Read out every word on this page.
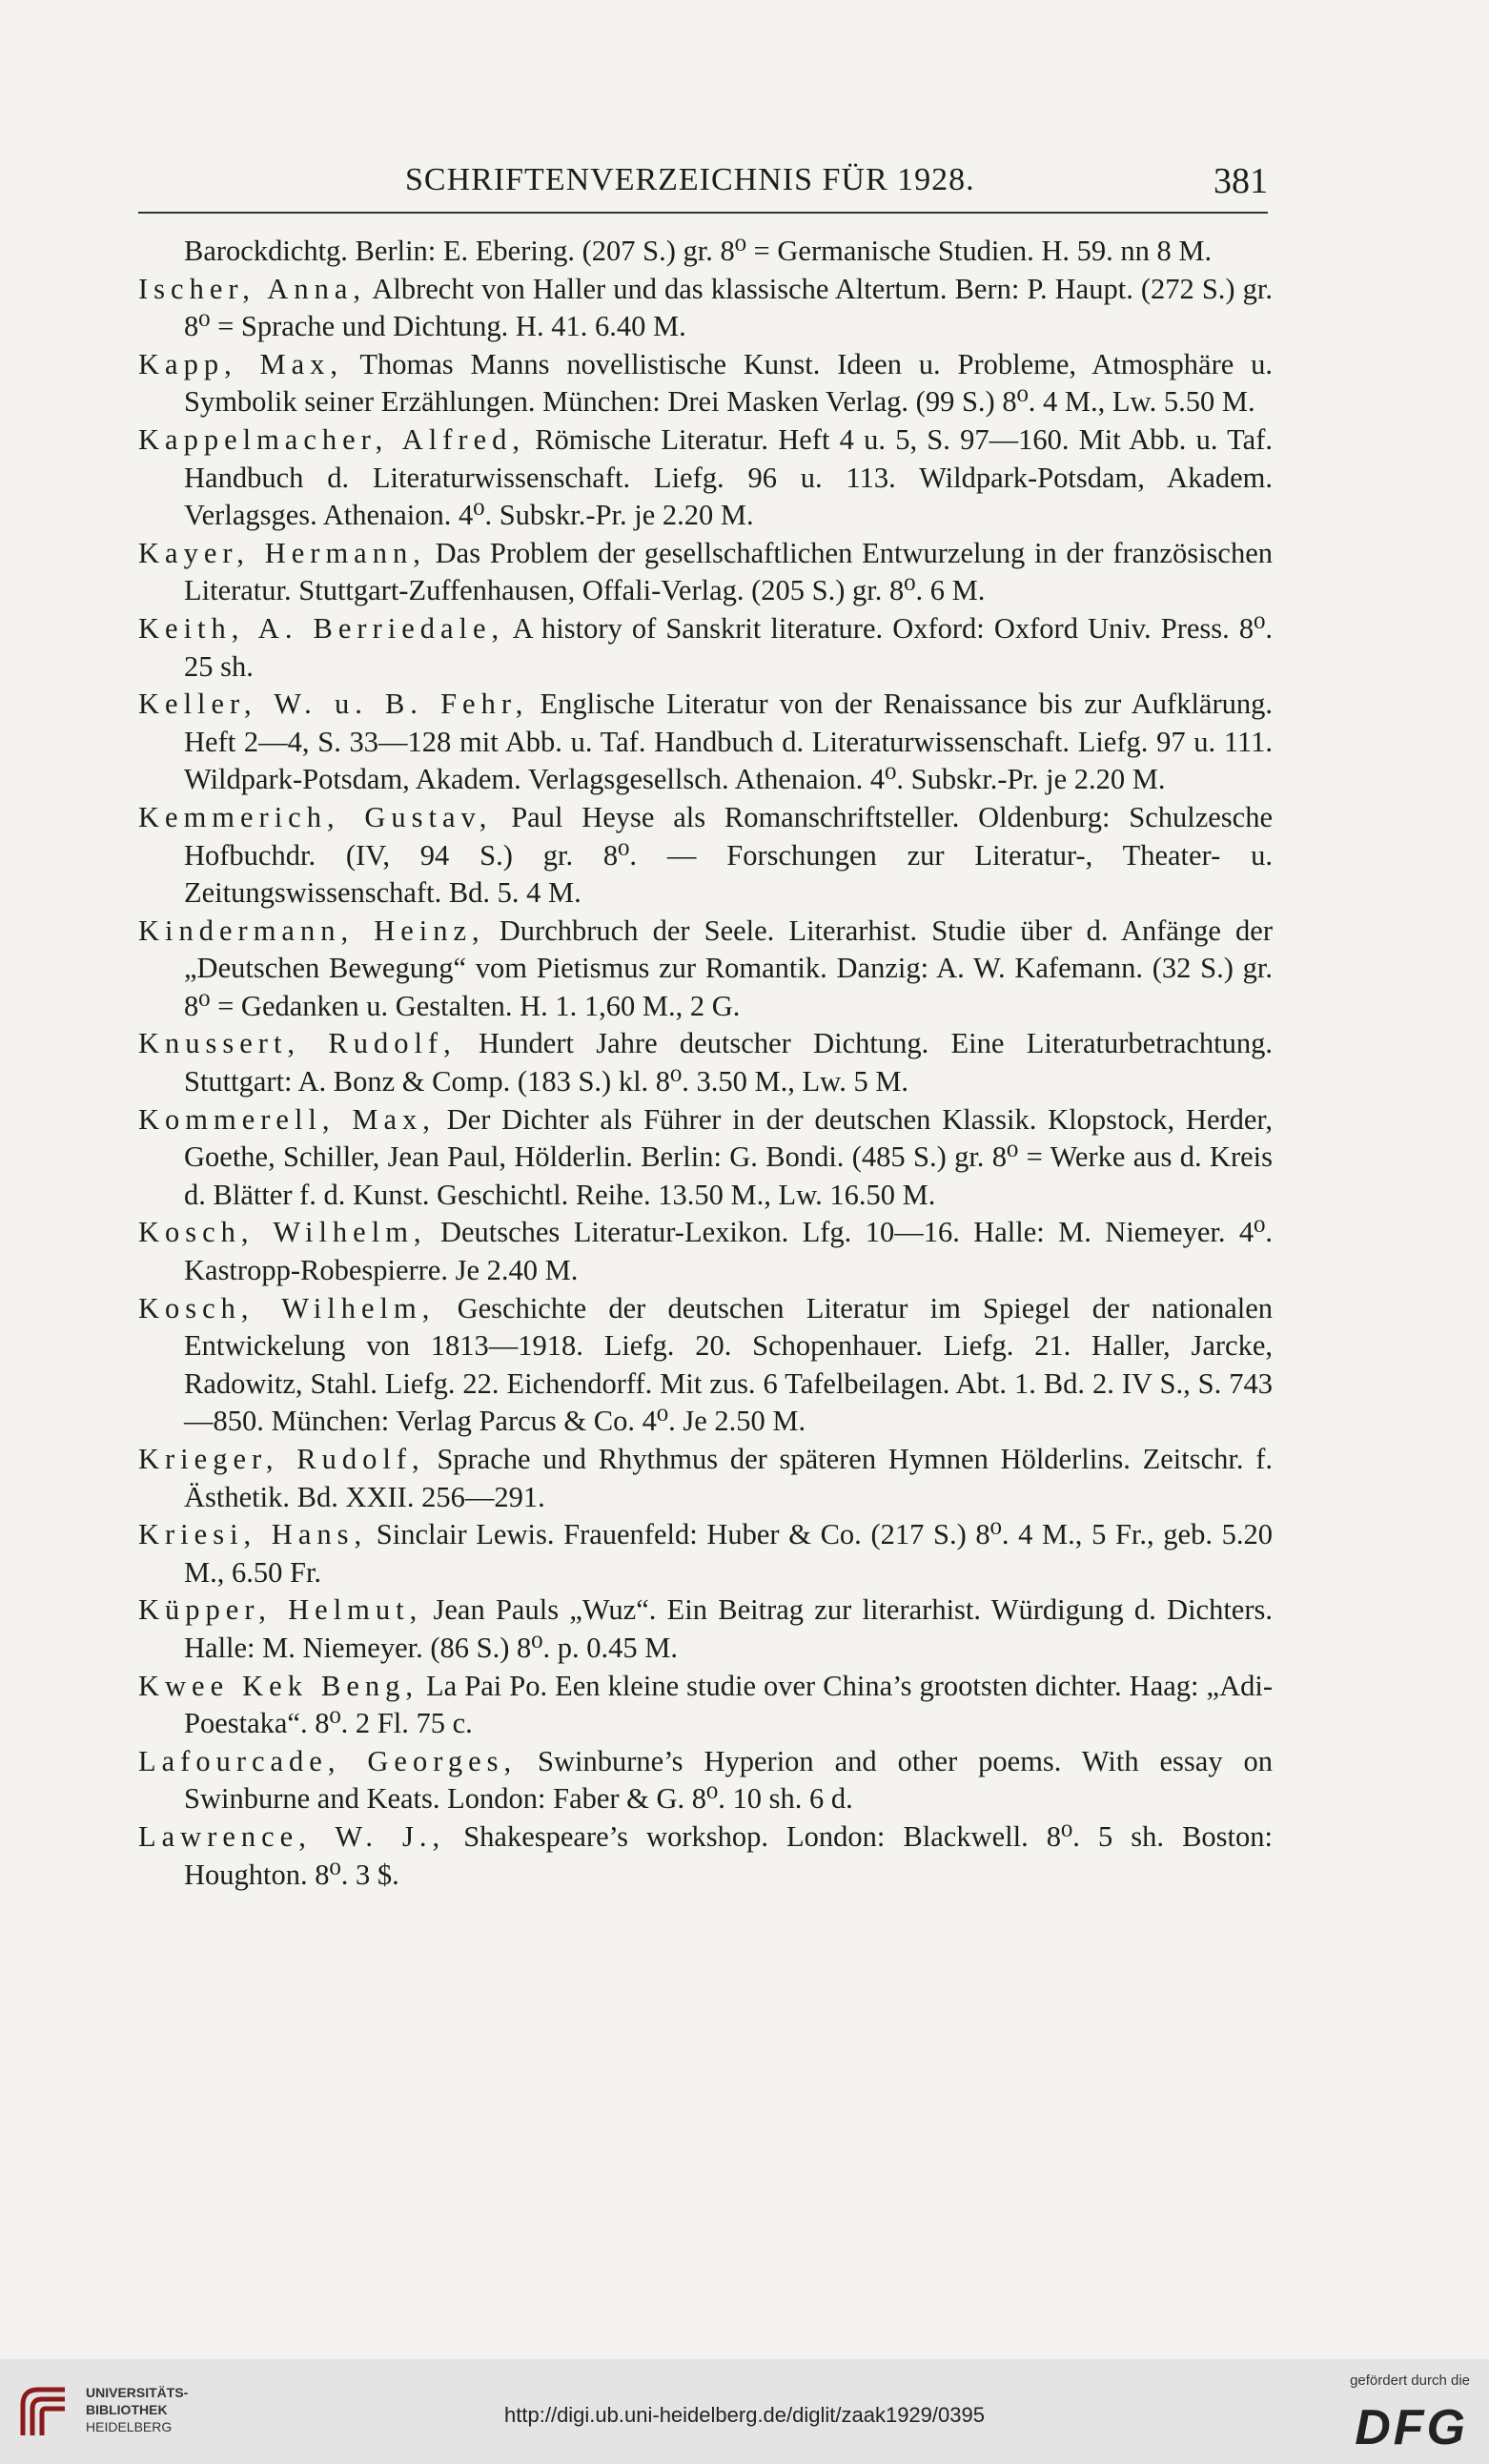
SCHRIFTENVERZEICHNIS FÜR 1928.	381
Barockdichtg. Berlin: E. Ebering. (207 S.) gr. 8⁰ = Germanische Studien. H. 59. nn 8 M.
Ischer, Anna, Albrecht von Haller und das klassische Altertum. Bern: P. Haupt. (272 S.) gr. 8⁰ = Sprache und Dichtung. H. 41. 6.40 M.
Kapp, Max, Thomas Manns novellistische Kunst. Ideen u. Probleme, Atmosphäre u. Symbolik seiner Erzählungen. München: Drei Masken Verlag. (99 S.) 8⁰. 4 M., Lw. 5.50 M.
Kappelmacher, Alfred, Römische Literatur. Heft 4 u. 5, S. 97—160. Mit Abb. u. Taf. Handbuch d. Literaturwissenschaft. Liefg. 96 u. 113. Wildpark-Potsdam, Akadem. Verlagsges. Athenaion. 4⁰. Subskr.-Pr. je 2.20 M.
Kayer, Hermann, Das Problem der gesellschaftlichen Entwurzelung in der französischen Literatur. Stuttgart-Zuffenhausen, Offali-Verlag. (205 S.) gr. 8⁰. 6 M.
Keith, A. Berriedale, A history of Sanskrit literature. Oxford: Oxford Univ. Press. 8⁰. 25 sh.
Keller, W. u. B. Fehr, Englische Literatur von der Renaissance bis zur Aufklärung. Heft 2—4, S. 33—128 mit Abb. u. Taf. Handbuch d. Literaturwissenschaft. Liefg. 97 u. 111. Wildpark-Potsdam, Akadem. Verlagsgesellsch. Athenaion. 4⁰. Subskr.-Pr. je 2.20 M.
Kemmerich, Gustav, Paul Heyse als Romanschriftsteller. Oldenburg: Schulzesche Hofbuchdr. (IV, 94 S.) gr. 8⁰. — Forschungen zur Literatur-, Theater- u. Zeitungswissenschaft. Bd. 5. 4 M.
Kindermann, Heinz, Durchbruch der Seele. Literarhist. Studie über d. Anfänge der „Deutschen Bewegung“ vom Pietismus zur Romantik. Danzig: A. W. Kafemann. (32 S.) gr. 8⁰ = Gedanken u. Gestalten. H. 1. 1,60 M., 2 G.
Knussert, Rudolf, Hundert Jahre deutscher Dichtung. Eine Literaturbetrachtung. Stuttgart: A. Bonz & Comp. (183 S.) kl. 8⁰. 3.50 M., Lw. 5 M.
Kommerell, Max, Der Dichter als Führer in der deutschen Klassik. Klopstock, Herder, Goethe, Schiller, Jean Paul, Hölderlin. Berlin: G. Bondi. (485 S.) gr. 8⁰ = Werke aus d. Kreis d. Blätter f. d. Kunst. Geschichtl. Reihe. 13.50 M., Lw. 16.50 M.
Kosch, Wilhelm, Deutsches Literatur-Lexikon. Lfg. 10—16. Halle: M. Niemeyer. 4⁰. Kastropp-Robespierre. Je 2.40 M.
Kosch, Wilhelm, Geschichte der deutschen Literatur im Spiegel der nationalen Entwickelung von 1813—1918. Liefg. 20. Schopenhauer. Liefg. 21. Haller, Jarcke, Radowitz, Stahl. Liefg. 22. Eichendorff. Mit zus. 6 Tafelbeilagen. Abt. 1. Bd. 2. IV S., S. 743—850. München: Verlag Parcus & Co. 4⁰. Je 2.50 M.
Krieger, Rudolf, Sprache und Rhythmus der späteren Hymnen Hölderlins. Zeitschr. f. Ästhetik. Bd. XXII. 256—291.
Kriesi, Hans, Sinclair Lewis. Frauenfeld: Huber & Co. (217 S.) 8⁰. 4 M., 5 Fr., geb. 5.20 M., 6.50 Fr.
Küpper, Helmut, Jean Pauls „Wuz“. Ein Beitrag zur literarhist. Würdigung d. Dichters. Halle: M. Niemeyer. (86 S.) 8⁰. p. 0.45 M.
Kwee Kek Beng, La Pai Po. Een kleine studie over China’s grootsten dichter. Haag: „Adi-Poestaka“. 8⁰. 2 Fl. 75 c.
Lafourcade, Georges, Swinburne’s Hyperion and other poems. With essay on Swinburne and Keats. London: Faber & G. 8⁰. 10 sh. 6 d.
Lawrence, W. J., Shakespeare’s workshop. London: Blackwell. 8⁰. 5 sh. Boston: Houghton. 8⁰. 3 $.
UNIVERSITÄTS-
BIBLIOTHEK
HEIDELBERG	http://digi.ub.uni-heidelberg.de/diglit/zaak1929/0395
gefördert durch die
DFG
